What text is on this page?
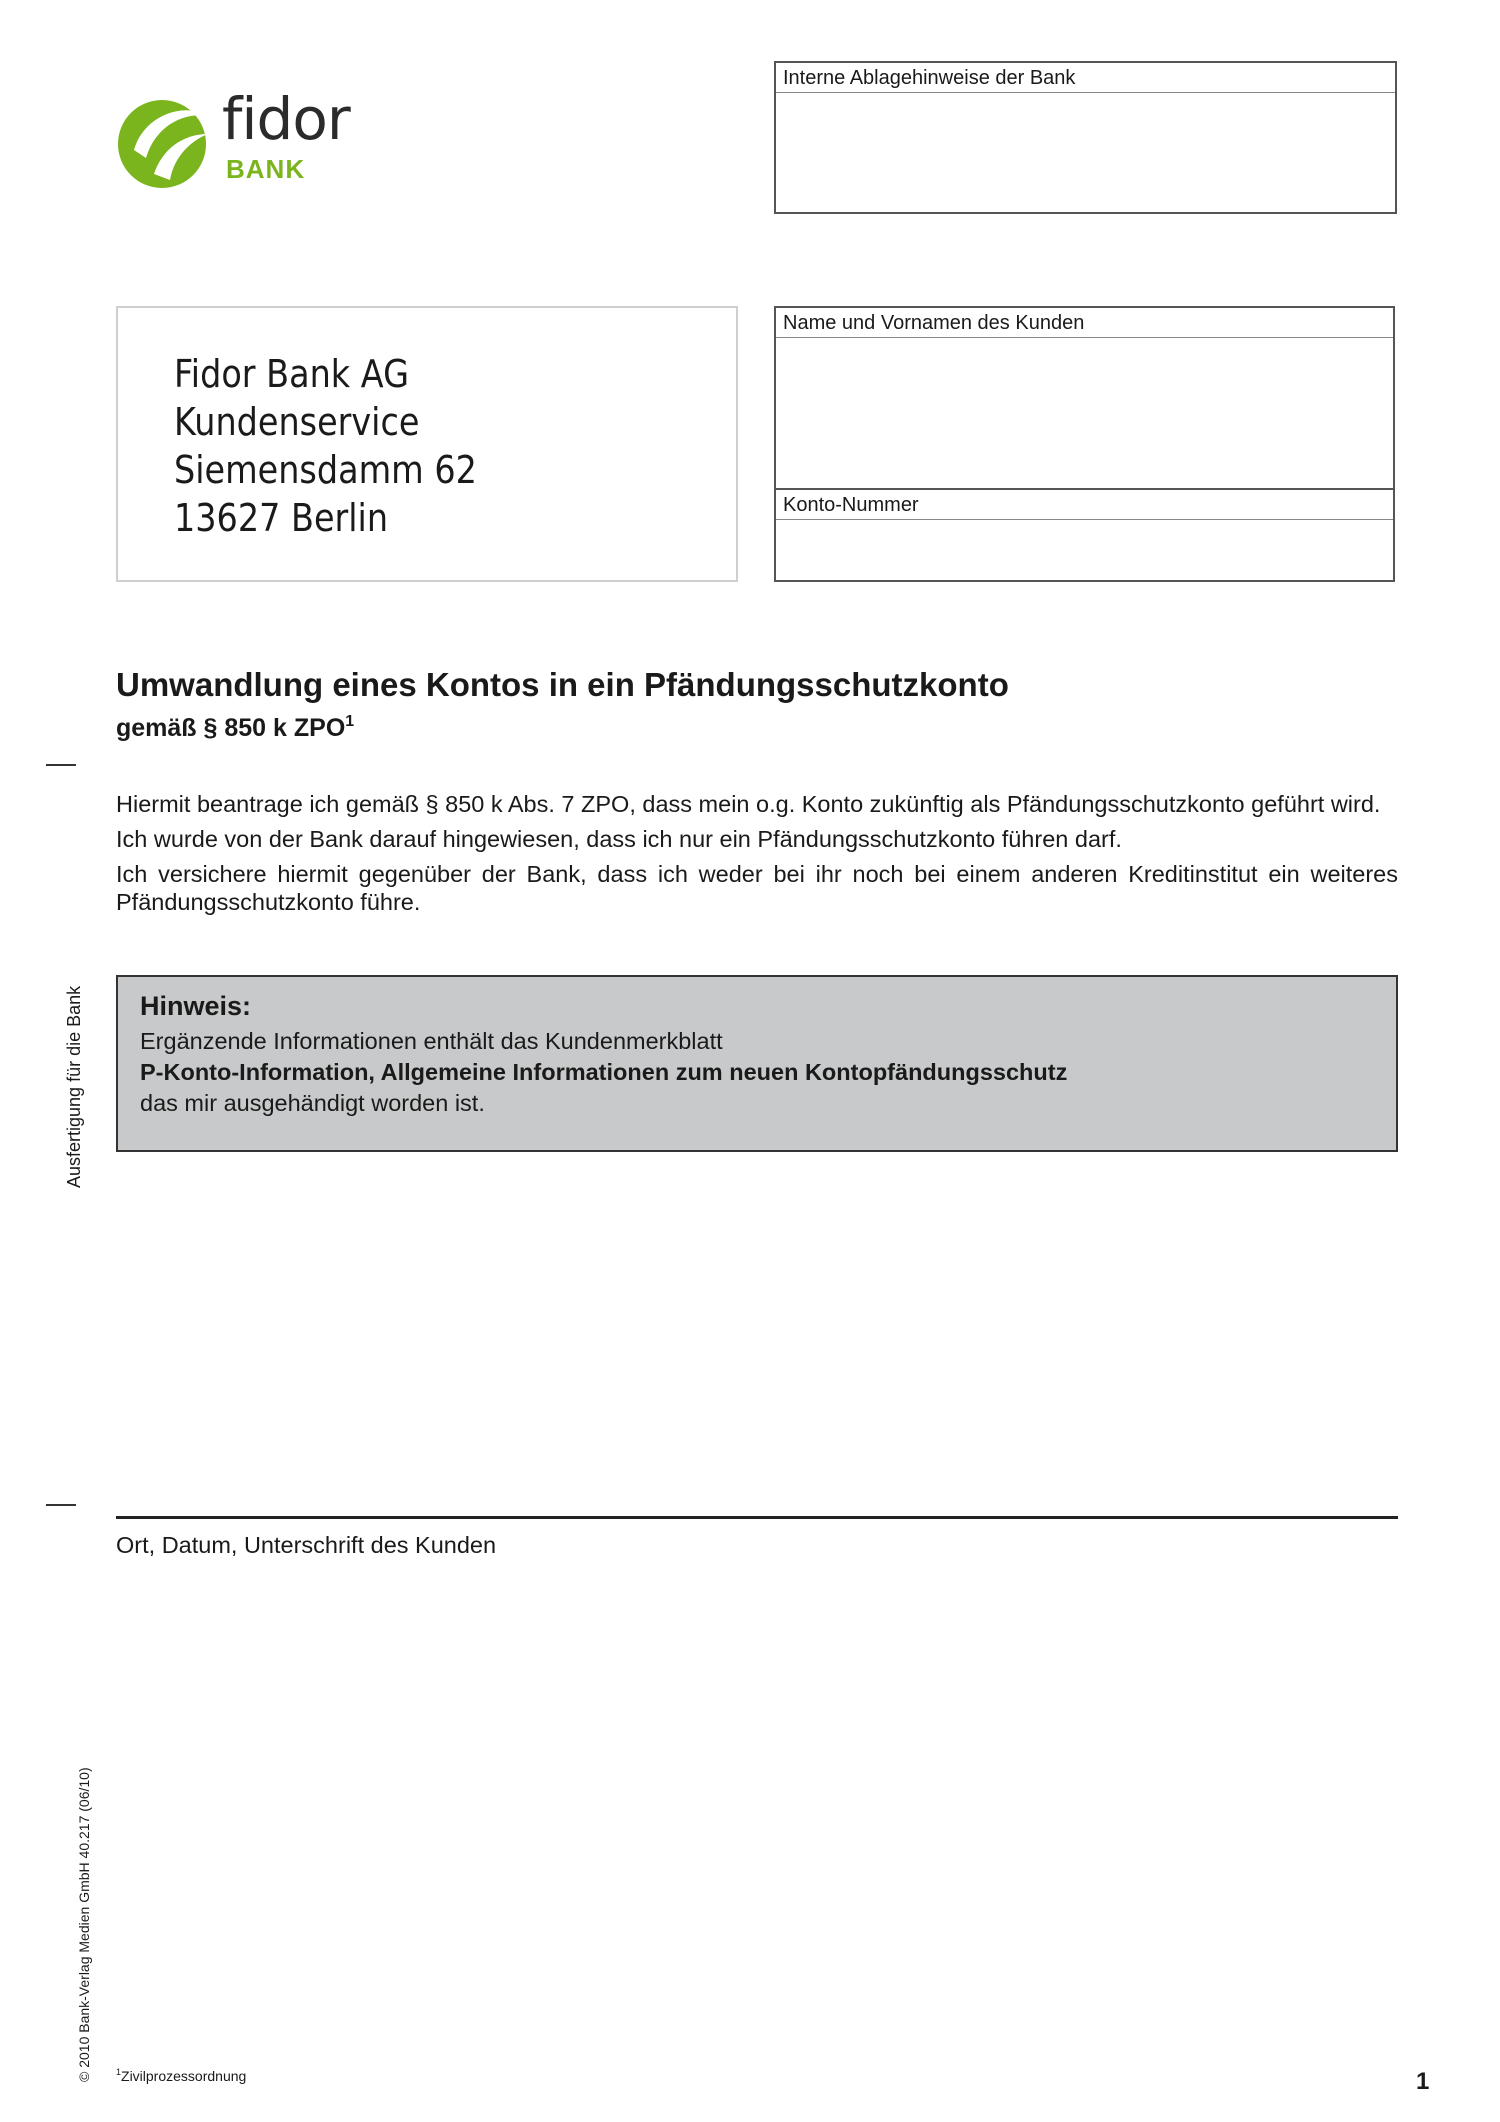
fidor
BANK
Interne Ablagehinweise der Bank
Fidor Bank AG
Kundenservice
Siemensdamm 62
13627 Berlin
Name und Vornamen des Kunden
Konto-Nummer
Ausfertigung für die Bank
© 2010 Bank-Verlag Medien GmbH 40.217 (06/10)
Umwandlung eines Kontos in ein Pfändungsschutzkonto
gemäß § 850 k ZPO$^1$

Hiermit beantrage ich gemäß § 850 k Abs. 7 ZPO, dass mein o.g. Konto zukünftig als Pfändungsschutzkonto geführt wird.

Ich wurde von der Bank darauf hingewiesen, dass ich nur ein Pfändungsschutzkonto führen darf.

Ich versichere hiermit gegenüber der Bank, dass ich weder bei ihr noch bei einem anderen Kreditinstitut ein weiteres Pfändungsschutzkonto führe.

Hinweis:
Ergänzende Informationen enthält das Kundenmerkblatt
P-Konto-Information, Allgemeine Informationen zum neuen Kontopfändungsschutz
das mir ausgehändigt worden ist.
Ort, Datum, Unterschrift des Kunden
$^1$Zivilprozessordnung	1
